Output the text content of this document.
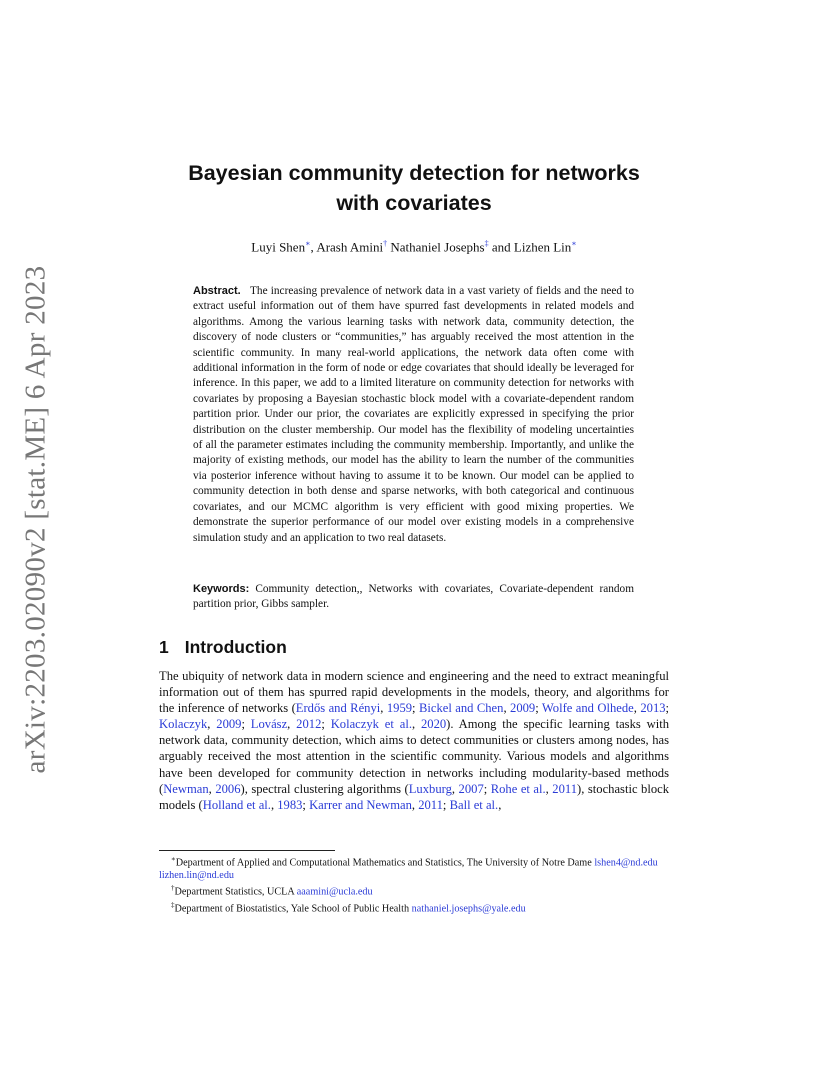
arXiv:2203.02090v2 [stat.ME] 6 Apr 2023
Bayesian community detection for networks
with covariates
Luyi Shen∗, Arash Amini† Nathaniel Josephs‡ and Lizhen Lin∗
Abstract. The increasing prevalence of network data in a vast variety of fields and the need to extract useful information out of them have spurred fast developments in related models and algorithms. Among the various learning tasks with network data, community detection, the discovery of node clusters or “communities,” has arguably received the most attention in the scientific community. In many real-world applications, the network data often come with additional information in the form of node or edge covariates that should ideally be leveraged for inference. In this paper, we add to a limited literature on community detection for networks with covariates by proposing a Bayesian stochastic block model with a covariate-dependent random partition prior. Under our prior, the covariates are explicitly expressed in specifying the prior distribution on the cluster membership. Our model has the flexibility of modeling uncertainties of all the parameter estimates including the community membership. Importantly, and unlike the majority of existing methods, our model has the ability to learn the number of the communities via posterior inference without having to assume it to be known. Our model can be applied to community detection in both dense and sparse networks, with both categorical and continuous covariates, and our MCMC algorithm is very efficient with good mixing properties. We demonstrate the superior performance of our model over existing models in a comprehensive simulation study and an application to two real datasets.
Keywords: Community detection,, Networks with covariates, Covariate-dependent random partition prior, Gibbs sampler.
1 Introduction
The ubiquity of network data in modern science and engineering and the need to extract meaningful information out of them has spurred rapid developments in the models, theory, and algorithms for the inference of networks (Erdős and Rényi, 1959; Bickel and Chen, 2009; Wolfe and Olhede, 2013; Kolaczyk, 2009; Lovász, 2012; Kolaczyk et al., 2020). Among the specific learning tasks with network data, community detection, which aims to detect communities or clusters among nodes, has arguably received the most attention in the scientific community. Various models and algorithms have been developed for community detection in networks including modularity-based methods (Newman, 2006), spectral clustering algorithms (Luxburg, 2007; Rohe et al., 2011), stochastic block models (Holland et al., 1983; Karrer and Newman, 2011; Ball et al.,

∗Department of Applied and Computational Mathematics and Statistics, The University of Notre Dame lshen4@nd.edu lizhen.lin@nd.edu

†Department Statistics, UCLA aaamini@ucla.edu

‡Department of Biostatistics, Yale School of Public Health nathaniel.josephs@yale.edu
